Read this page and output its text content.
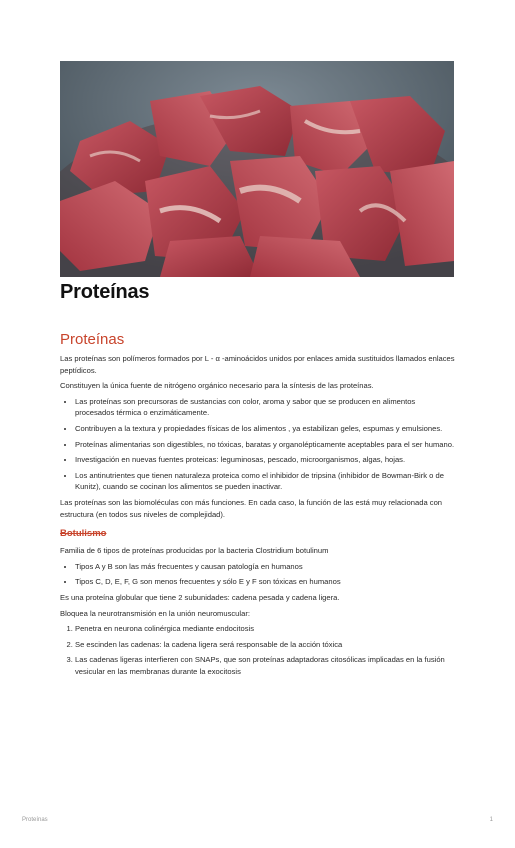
Proteínas
Proteínas

Las proteínas son polímeros formados por L - α -aminoácidos unidos por enlaces amida sustituidos llamados enlaces peptídicos.

Constituyen la única fuente de nitrógeno orgánico necesario para la síntesis de las proteínas.

• Las proteínas son precursoras de sustancias con color, aroma y sabor que se producen en alimentos procesados térmica o enzimáticamente.
• Contribuyen a la textura y propiedades físicas de los alimentos , ya estabilizan geles, espumas y emulsiones.
• Proteínas alimentarias son digestibles, no tóxicas, baratas y organolépticamente aceptables para el ser humano.
• Investigación en nuevas fuentes proteicas: leguminosas, pescado, microorganismos, algas, hojas.
• Los antinutrientes que tienen naturaleza proteica como el inhibidor de tripsina (inhibidor de Bowman-Birk o de Kunitz), cuando se cocinan los alimentos se pueden inactivar.

Las proteínas son las biomoléculas con más funciones. En cada caso, la función de las está muy relacionada con estructura (en todos sus niveles de complejidad).

Botulismo

Familia de 6 tipos de proteínas producidas por la bacteria Clostridium botulinum

• Tipos A y B son las más frecuentes y causan patología en humanos
• Tipos C, D, E, F, G son menos frecuentes y sólo E y F son tóxicas en humanos

Es una proteína globular que tiene 2 subunidades: cadena pesada y cadena ligera.

Bloquea la neurotransmisión en la unión neuromuscular:

1. Penetra en neurona colinérgica mediante endocitosis
2. Se escinden las cadenas: la cadena ligera será responsable de la acción tóxica
3. Las cadenas ligeras interfieren con SNAPs, que son proteínas adaptadoras citosólicas implicadas en la fusión vesicular en las membranas durante la exocitosis
Proteínas	1
